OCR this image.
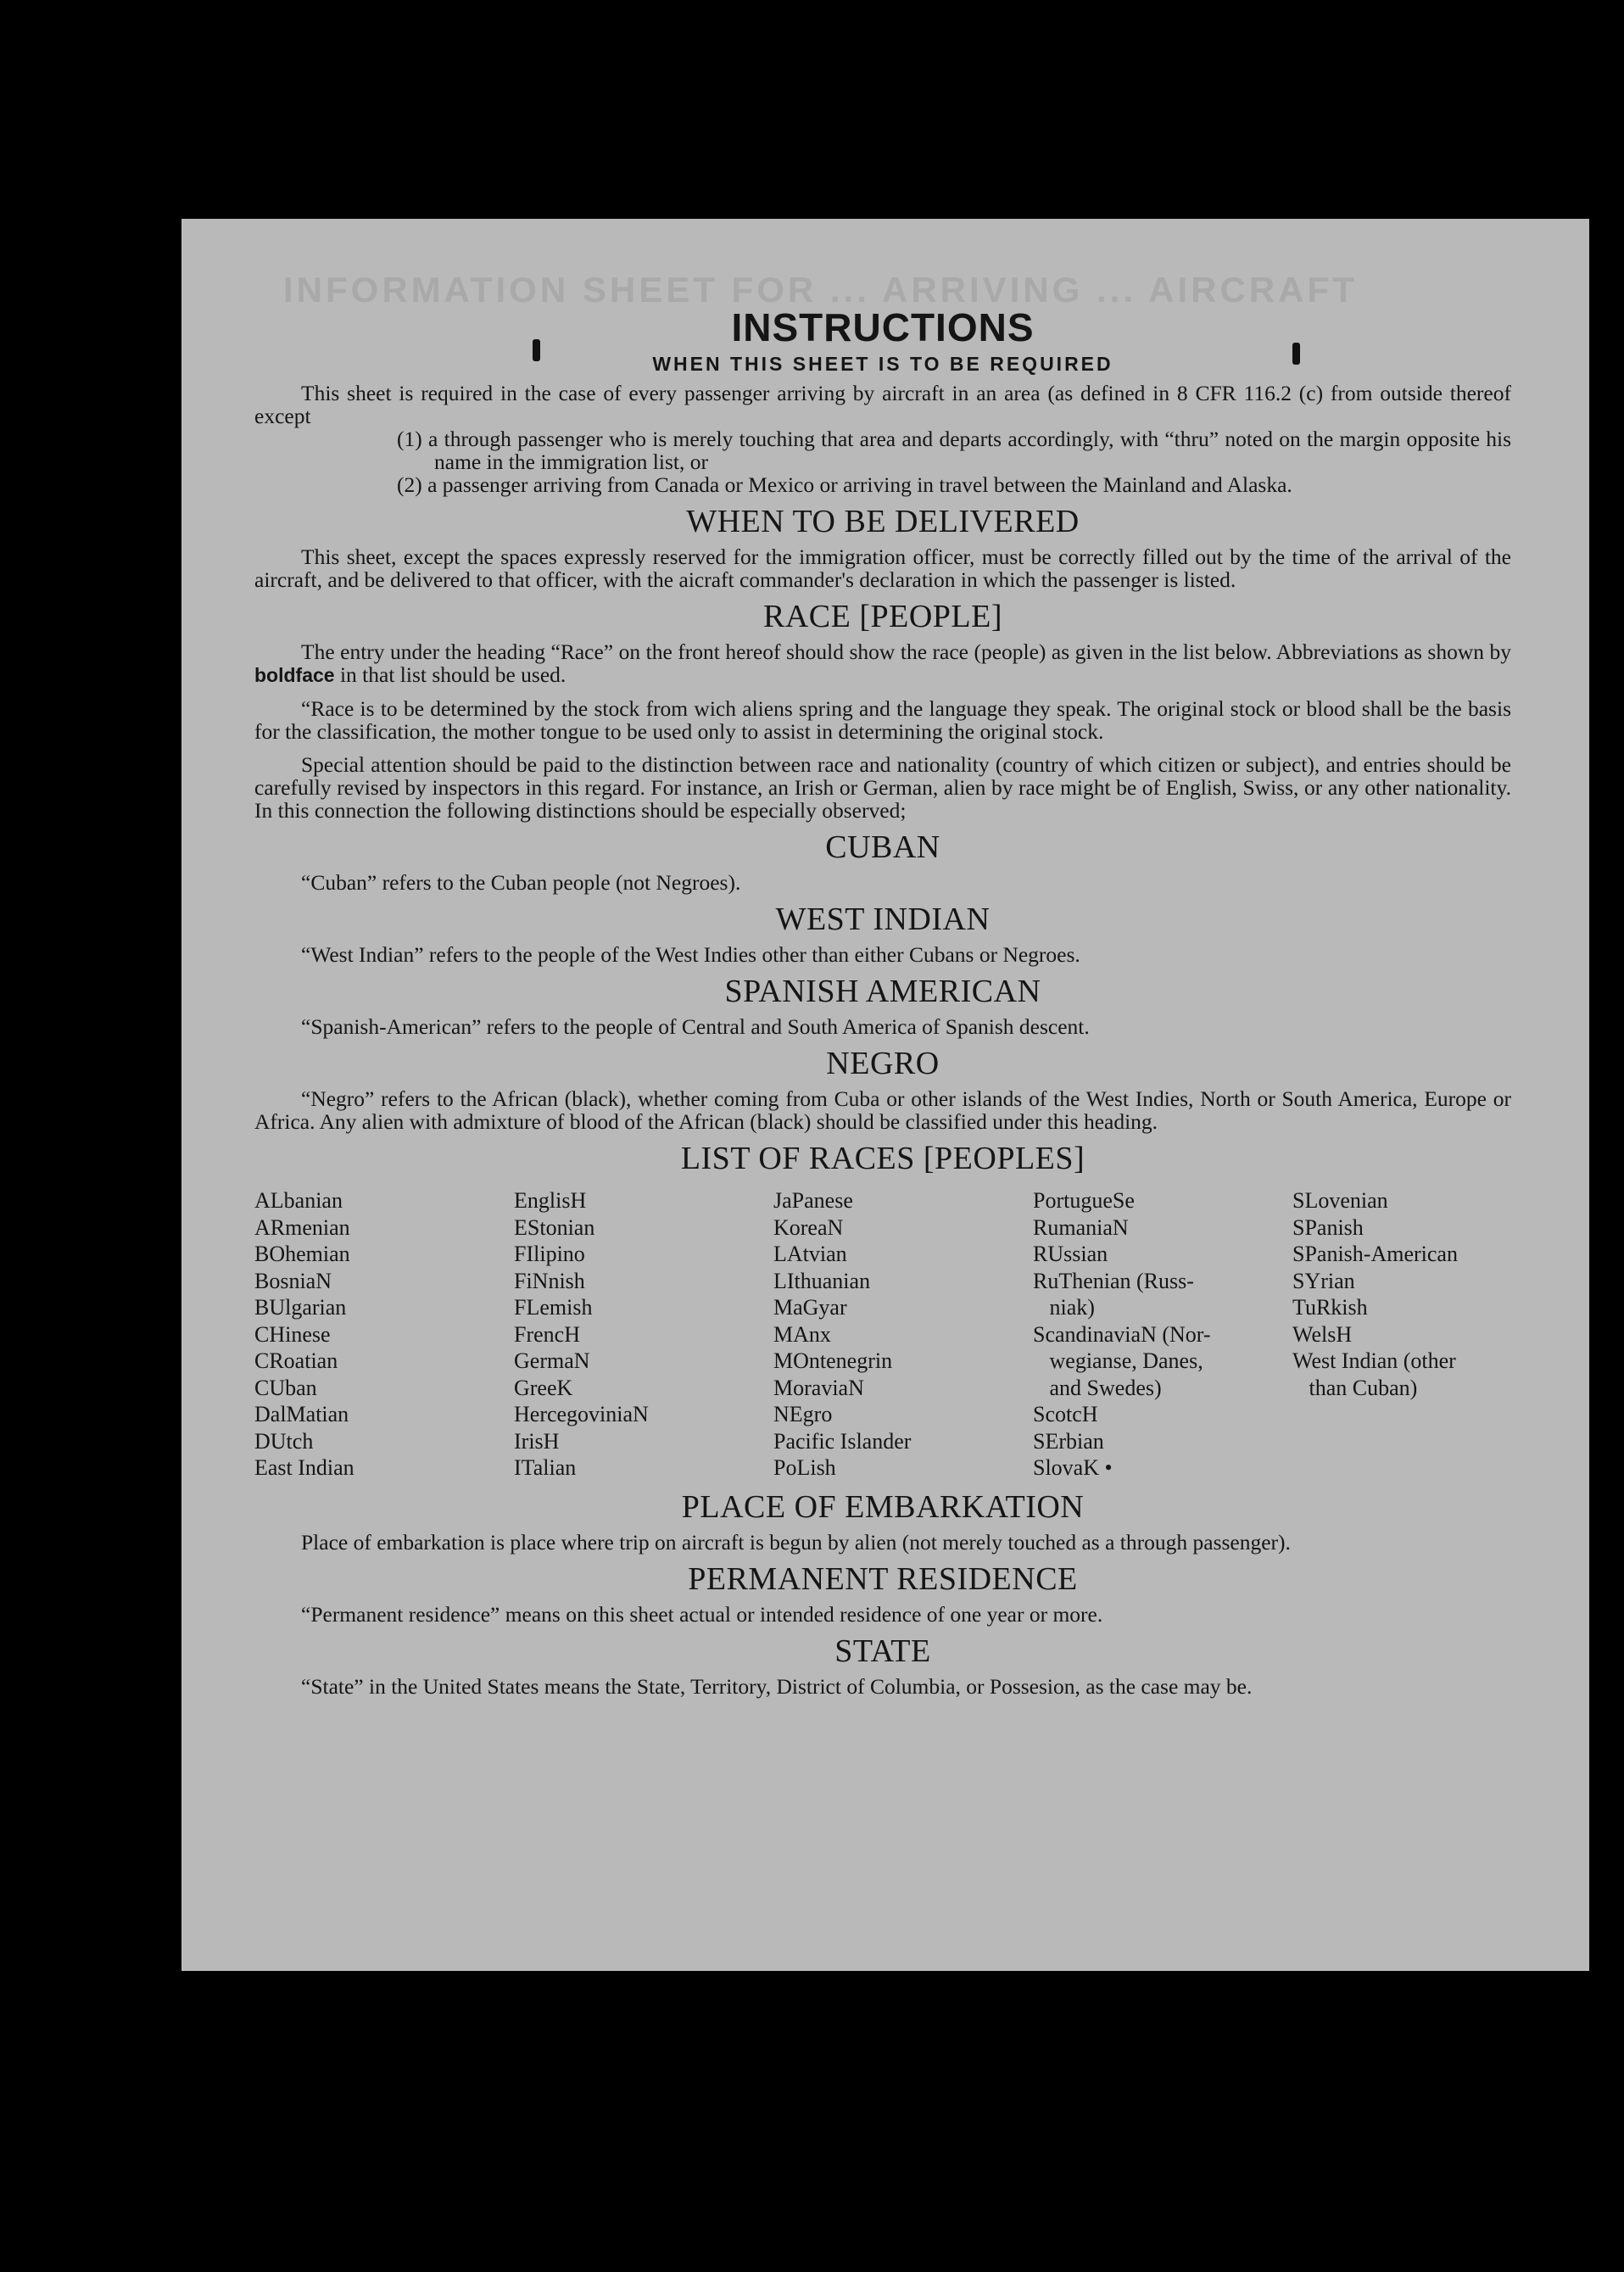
INFORMATION SHEET FOR ... ARRIVING ... AIRCRAFT
INSTRUCTIONS
WHEN THIS SHEET IS TO BE REQUIRED

This sheet is required in the case of every passenger arriving by aircraft in an area (as defined in 8 CFR 116.2 (c) from outside thereof except

(1) a through passenger who is merely touching that area and departs accordingly, with “thru” noted on the margin opposite his name in the immigration list, or

(2) a passenger arriving from Canada or Mexico or arriving in travel between the Mainland and Alaska.

WHEN TO BE DELIVERED

This sheet, except the spaces expressly reserved for the immigration officer, must be correctly filled out by the time of the arrival of the aircraft, and be delivered to that officer, with the aicraft commander's declaration in which the passenger is listed.

RACE [PEOPLE]

The entry under the heading “Race” on the front hereof should show the race (people) as given in the list below. Abbreviations as shown by boldface in that list should be used.

“Race is to be determined by the stock from wich aliens spring and the language they speak. The original stock or blood shall be the basis for the classification, the mother tongue to be used only to assist in determining the original stock.

Special attention should be paid to the distinction between race and nationality (country of which citizen or subject), and entries should be carefully revised by inspectors in this regard. For instance, an Irish or German, alien by race might be of English, Swiss, or any other nationality. In this connection the following distinctions should be especially observed;

CUBAN

“Cuban” refers to the Cuban people (not Negroes).

WEST INDIAN

“West Indian” refers to the people of the West Indies other than either Cubans or Negroes.

SPANISH AMERICAN

“Spanish-American” refers to the people of Central and South America of Spanish descent.

NEGRO

“Negro” refers to the African (black), whether coming from Cuba or other islands of the West Indies, North or South America, Europe or Africa. Any alien with admixture of blood of the African (black) should be classified under this heading.

LIST OF RACES [PEOPLES]
ALbanian
ARmenian
BOhemian
BosniaN
BUlgarian
CHinese
CRoatian
CUban
DalMatian
DUtch
East Indian
EnglisH
EStonian
FIlipino
FiNnish
FLemish
FrencH
GermaN
GreeK
HercegoviniaN
IrisH
ITalian
JaPanese
KoreaN
LAtvian
LIthuanian
MaGyar
MAnx
MOntenegrin
MoraviaN
NEgro
Pacific Islander
PoLish
PortugueSe
RumaniaN
RUssian
RuThenian (Russ-
niak)
ScandinaviaN (Nor-
wegianse, Danes,
and Swedes)
ScotcH
SErbian
SlovaK •
SLovenian
SPanish
SPanish-American
SYrian
TuRkish
WelsH
West Indian (other
than Cuban)
PLACE OF EMBARKATION

Place of embarkation is place where trip on aircraft is begun by alien (not merely touched as a through passenger).

PERMANENT RESIDENCE

“Permanent residence” means on this sheet actual or intended residence of one year or more.

STATE

“State” in the United States means the State, Territory, District of Columbia, or Possesion, as the case may be.
